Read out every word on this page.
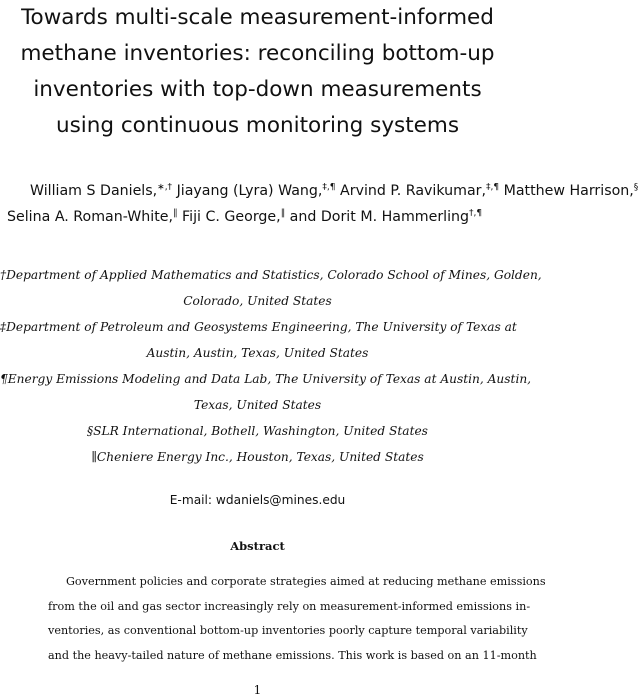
Towards multi-scale measurement-informed
methane inventories: reconciling bottom-up
inventories with top-down measurements
using continuous monitoring systems
William S Daniels,∗,† Jiayang (Lyra) Wang,‡,¶ Arvind P. Ravikumar,‡,¶ Matthew Harrison,§
Selina A. Roman-White,∥ Fiji C. George,∥ and Dorit M. Hammerling†,¶
†Department of Applied Mathematics and Statistics, Colorado School of Mines, Golden,
Colorado, United States
‡Department of Petroleum and Geosystems Engineering, The University of Texas at
Austin, Austin, Texas, United States
¶Energy Emissions Modeling and Data Lab, The University of Texas at Austin, Austin,
Texas, United States
§SLR International, Bothell, Washington, United States
∥Cheniere Energy Inc., Houston, Texas, United States
E-mail: wdaniels@mines.edu
Abstract
Government policies and corporate strategies aimed at reducing methane emissions
from the oil and gas sector increasingly rely on measurement-informed emissions in-
ventories, as conventional bottom-up inventories poorly capture temporal variability
and the heavy-tailed nature of methane emissions. This work is based on an 11-month
1
